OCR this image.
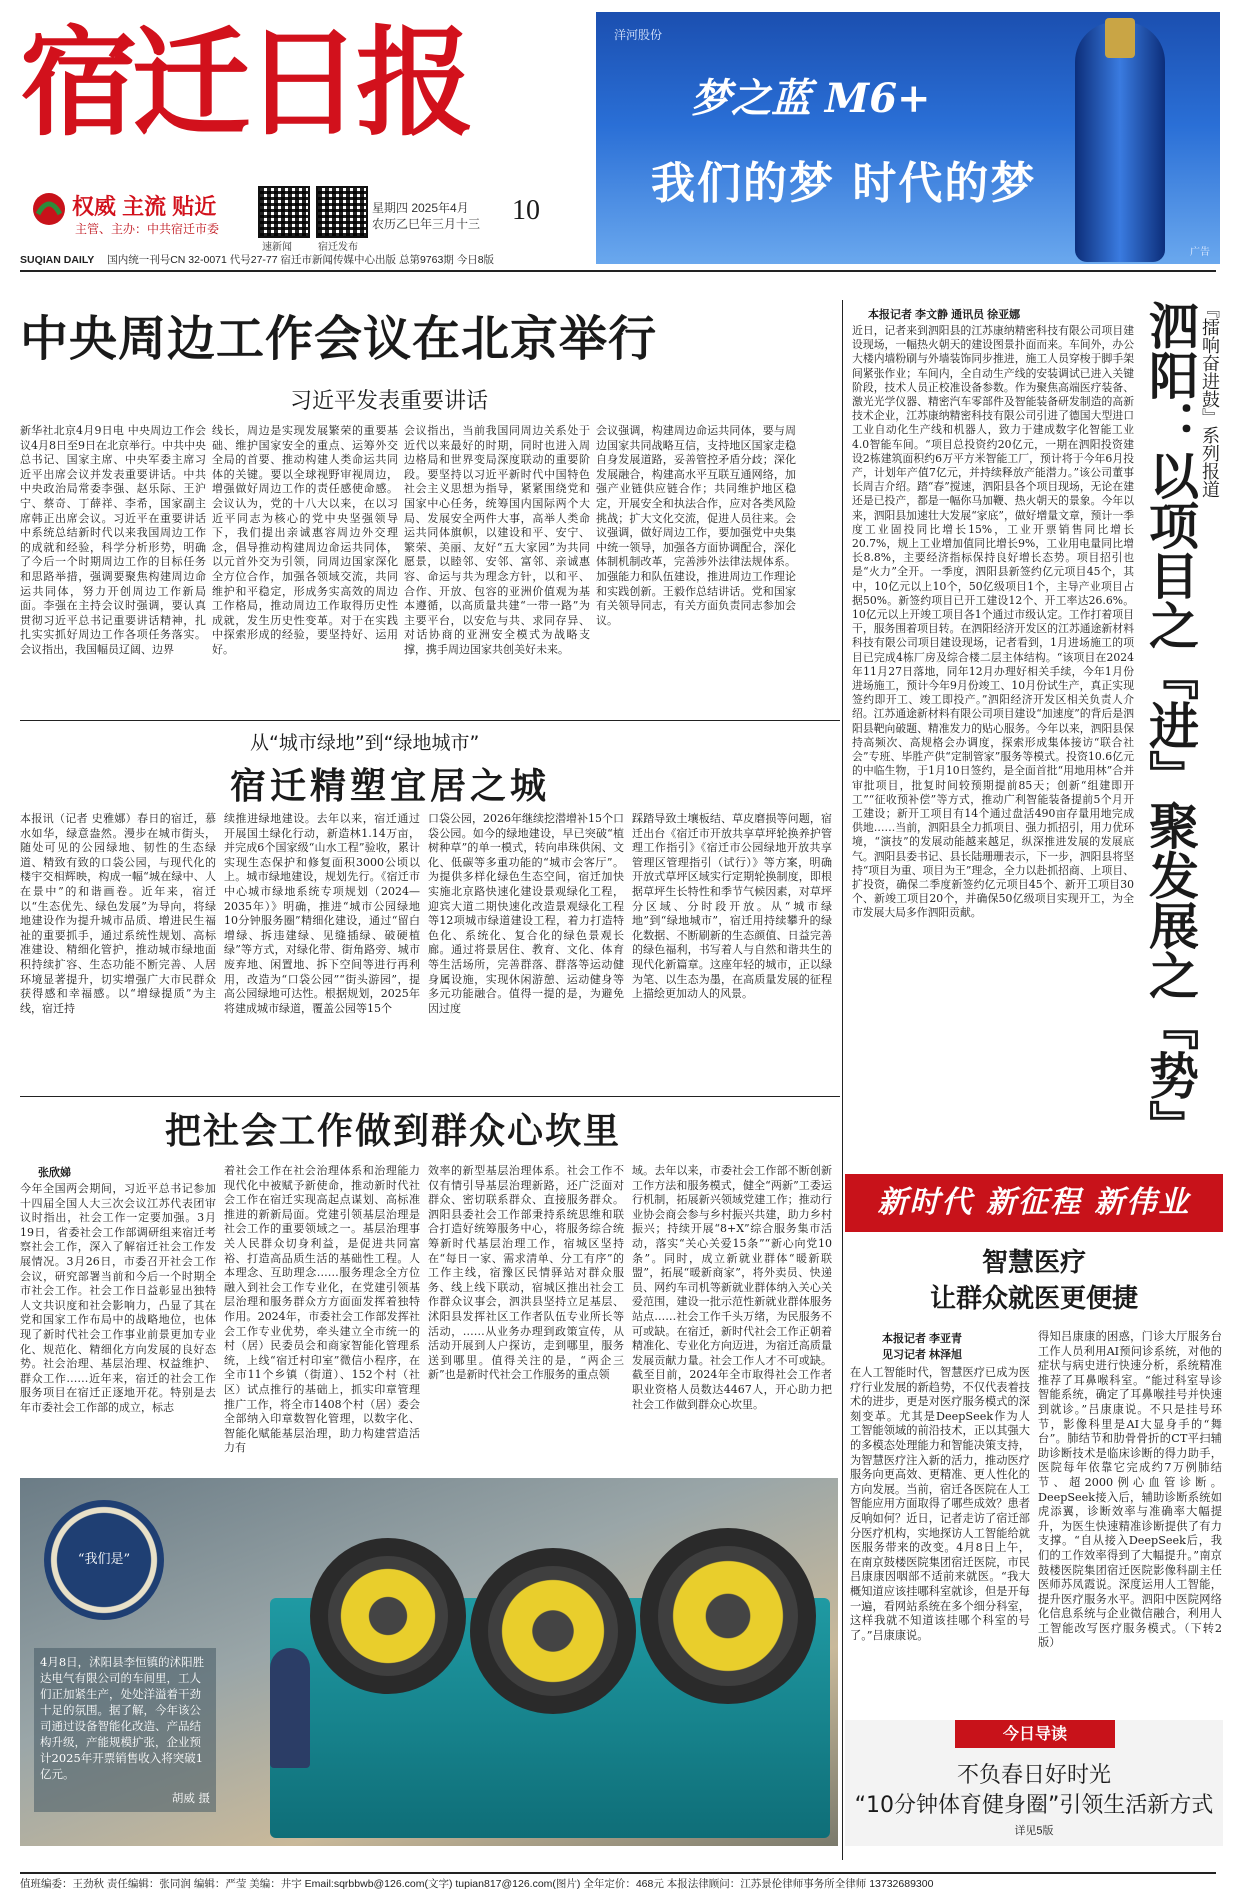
宿迁日报
权威 主流 贴近
主管、主办：中共宿迁市委
速新闻	宿迁发布
星期四 2025年4月
农历乙巳年三月十三 10
SUQIAN DAILY 国内统一刊号CN 32-0071 代号27-77 宿迁市新闻传媒中心出版 总第9763期 今日8版
洋河股份
梦之蓝 M6+
我们的梦 时代的梦
广告
中央周边工作会议在北京举行
习近平发表重要讲话
新华社北京4月9日电 中央周边工作会议4月8日至9日在北京举行。中共中央总书记、国家主席、中央军委主席习近平出席会议并发表重要讲话。中共中央政治局常委李强、赵乐际、王沪宁、蔡奇、丁薛祥、李希，国家副主席韩正出席会议。习近平在重要讲话中系统总结新时代以来我国周边工作的成就和经验，科学分析形势，明确了今后一个时期周边工作的目标任务和思路举措，强调要聚焦构建周边命运共同体，努力开创周边工作新局面。李强在主持会议时强调，要认真贯彻习近平总书记重要讲话精神，扎扎实实抓好周边工作各项任务落实。会议指出，我国幅员辽阔、边界
线长，周边是实现发展繁荣的重要基础、维护国家安全的重点、运筹外交全局的首要、推动构建人类命运共同体的关键。要以全球视野审视周边，增强做好周边工作的责任感使命感。会议认为，党的十八大以来，在以习近平同志为核心的党中央坚强领导下，我们提出亲诚惠容周边外交理念，倡导推动构建周边命运共同体，以元首外交为引领，同周边国家深化全方位合作，加强各领域交流，共同维护和平稳定，形成务实高效的周边工作格局，推动周边工作取得历史性成就，发生历史性变革。对于在实践中探索形成的经验，要坚持好、运用好。
会议指出，当前我国同周边关系处于近代以来最好的时期，同时也进入周边格局和世界变局深度联动的重要阶段。要坚持以习近平新时代中国特色社会主义思想为指导，紧紧围绕党和国家中心任务，统筹国内国际两个大局、发展安全两件大事，高举人类命运共同体旗帜，以建设和平、安宁、繁荣、美丽、友好“五大家园”为共同愿景，以睦邻、安邻、富邻、亲诚惠容、命运与共为理念方针，以和平、合作、开放、包容的亚洲价值观为基本遵循，以高质量共建“一带一路”为主要平台，以安危与共、求同存异、对话协商的亚洲安全模式为战略支撑，携手周边国家共创美好未来。
会议强调，构建周边命运共同体，要与周边国家共同战略互信，支持地区国家走稳自身发展道路，妥善管控矛盾分歧；深化发展融合，构建高水平互联互通网络，加强产业链供应链合作；共同维护地区稳定，开展安全和执法合作，应对各类风险挑战；扩大文化交流，促进人员往来。会议强调，做好周边工作，要加强党中央集中统一领导，加强各方面协调配合，深化体制机制改革，完善涉外法律法规体系。加强能力和队伍建设，推进周边工作理论和实践创新。王毅作总结讲话。党和国家有关领导同志，有关方面负责同志参加会议。
从“城市绿地”到“绿地城市”
宿迁精塑宜居之城
本报讯（记者 史雅娜）春日的宿迁，慕水如华，绿意盎然。漫步在城市街头，随处可见的公园绿地、韧性的生态绿道、精致有致的口袋公园，与现代化的楼宇交相辉映，构成一幅“城在绿中、人在景中”的和谐画卷。近年来，宿迁以“生态优先、绿色发展”为导向，将绿地建设作为提升城市品质、增进民生福祉的重要抓手，通过系统性规划、高标准建设、精细化管护，推动城市绿地面积持续扩容、生态功能不断完善、人居环境显著提升，切实增强广大市民群众获得感和幸福感。以“增绿提质”为主线，宿迁持
续推进绿地建设。去年以来，宿迁通过开展国土绿化行动，新造林1.14万亩，并完成6个国家级“山水工程”验收，累计实现生态保护和修复面积3000公顷以上。城市绿地建设，规划先行。《宿迁市中心城市绿地系统专项规划（2024—2035年）》明确，推进“城市公园绿地10分钟服务圈”精细化建设，通过“留白增绿、拆违建绿、见缝插绿、破硬植绿”等方式，对绿化带、街角路旁、城市废弃地、闲置地、拆下空间等进行再利用，改造为“口袋公园”“街头游园”，提高公园绿地可达性。根据规划，2025年将建成城市绿道，覆盖公园等15个
口袋公园，2026年继续挖潜增补15个口袋公园。如今的绿地建设，早已突破“植树种草”的单一模式，转向串珠供闲、文化、低碳等多重功能的“城市会客厅”。为提供多样化绿色生态空间，宿迁加快实施北京路快速化建设景观绿化工程，迎宾大道二期快速化改造景观绿化工程等12项城市绿道建设工程，着力打造特色化、系统化、复合化的绿色景观长廊。通过将景居住、教育、文化、体育等生活场所，完善群落、群落等运动健身属设施，实现休闲游憩、运动健身等多元功能融合。值得一提的是，为避免因过度
踩踏导致土壤板结、草皮磨损等问题，宿迁出台《宿迁市开放共享草坪轮换养护管理工作指引》《宿迁市公园绿地开放共享管理区管理指引（试行）》等方案，明确开放式草坪区域实行定期轮换制度，即根据草坪生长特性和季节气候因素，对草坪分区域、分时段开放。从“城市绿地”到“绿地城市”，宿迁用持续攀升的绿化数据、不断刷新的生态颜值、日益完善的绿色福利，书写着人与自然和谐共生的现代化新篇章。这座年轻的城市，正以绿为笔、以生态为墨，在高质量发展的征程上描绘更加动人的风景。
把社会工作做到群众心坎里
张欣娣
今年全国两会期间，习近平总书记参加十四届全国人大三次会议江苏代表团审议时指出，社会工作一定要加强。3月19日，省委社会工作部调研组来宿迁考察社会工作，深入了解宿迁社会工作发展情况。3月26日，市委召开社会工作会议，研究部署当前和今后一个时期全市社会工作。社会工作日益彰显出独特人文共识度和社会影响力，凸显了其在党和国家工作布局中的战略地位，也体现了新时代社会工作事业前景更加专业化、规范化、精细化方向发展的良好态势。社会治理、基层治理、权益维护、群众工作……近年来，宿迁的社会工作服务项目在宿迁正逐地开花。特别是去年市委社会工作部的成立，标志
着社会工作在社会治理体系和治理能力现代化中被赋予新使命，推动新时代社会工作在宿迁实现高起点谋划、高标准推进的新新局面。党建引领基层治理是社会工作的重要领域之一。基层治理事关人民群众切身利益，是促进共同富裕、打造高品质生活的基础性工程。人本理念、互助理念……服务理念全方位融入到社会工作专业化，在党建引领基层治理和服务群众方方面面发挥着独特作用。2024年，市委社会工作部发挥社会工作专业优势，牵头建立全市统一的村（居）民委员会和商家智能化管理系统，上线“宿迁村印室”微信小程序，在全市11个乡镇（街道）、152个村（社区）试点推行的基础上，抓实印章管理推广工作，将全市1408个村（居）委会全部纳入印章数智化管理，以数字化、智能化赋能基层治理，助力构建营造活力有
效率的新型基层治理体系。社会工作不仅有情引导基层治理新路，还广泛面对群众、密切联系群众、直接服务群众。泗阳县委社会工作部秉持系统思维和联合打造好统筹服务中心，将服务综合统筹新时代基层治理工作，宿城区坚持在“每日一家、需求清单、分工有序”的工作主线，宿豫区民情驿站对群众服务、线上线下联动，宿城区推出社会工作群众议事会，泗洪县坚持立足基层、沭阳县发挥社区工作者队伍专业所长等活动，……从业务办理到政策宣传，从活动开展到人户探访，走到哪里，服务送到哪里。值得关注的是，“两企三新”也是新时代社会工作服务的重点领
域。去年以来，市委社会工作部不断创新工作方法和服务模式，健全“两新”工委运行机制，拓展新兴领域党建工作；推动行业协会商会参与乡村振兴共建，助力乡村振兴；持续开展“8+X”综合服务集市活动，落实“关心关爱15条”“新心向党10条”。同时，成立新就业群体“暖新联盟”，拓展“暖新商家”，将外卖员、快递员、网约车司机等新就业群体纳入关心关爱范围，建设一批示范性新就业群体服务站点……社会工作千头万绪，为民服务不可或缺。在宿迁，新时代社会工作正朝着精准化、专业化方向迈进，为宿迁高质量发展贡献力量。社会工作人才不可或缺。截至目前，2024年全市取得社会工作者职业资格人员数达4467人，开心助力把社会工作做到群众心坎里。
『擂响奋进鼓』系列报道
泗阳：以项目之『进』聚发展之『势』
本报记者 李文静 通讯员 徐亚娜
近日，记者来到泗阳县的江苏康纳精密科技有限公司项目建设现场，一幅热火朝天的建设图景扑面而来。车间外，办公大楼内墙粉刷与外墙装饰同步推进，施工人员穿梭于脚手架间紧张作业；车间内，全自动生产线的安装调试已进入关键阶段，技术人员正校准设备参数。作为聚焦高端医疗装备、激光光学仪器、精密汽车零部件及智能装备研发制造的高新技术企业，江苏康纳精密科技有限公司引进了德国大型进口工业自动化生产线和机器人，致力于建成数字化智能工业4.0智能车间。“项目总投资约20亿元，一期在泗阳投资建设2栋建筑面积约6万平方米智能工厂，预计将于今年6月投产，计划年产值7亿元，并持续释放产能潜力。”该公司董事长周吉介绍。踏“春”搅速，泗阳县各个项目现场，无论在建还是已投产，都是一幅你马加鞭、热火朝天的景象。今年以来，泗阳县加速壮大发展“家底”，做好增量文章，预计一季度工业固投同比增长15%，工业开票销售同比增长20.7%，规上工业增加值同比增长9%，工业用电量同比增长8.8%，主要经济指标保持良好增长态势。项目招引也是“火力”全开。一季度，泗阳县新签约亿元项目45个，其中，10亿元以上10个，50亿级项目1个，主导产业项目占据50%。新签约项目已开工建设12个、开工率达26.6%。10亿元以上开竣工项目各1个通过市级认定。工作打着项目干，服务围着项目转。在泗阳经济开发区的江苏通途新材料科技有限公司项目建设现场，记者看到，1月进场施工的项目已完成4栋厂房及综合楼二层主体结构。“该项目在2024年11月27日落地，同年12月办理好相关手续，今年1月份进场施工，预计今年9月份竣工、10月份试生产，真正实现签约即开工、竣工即投产。”泗阳经济开发区相关负责人介绍。江苏通途新材料有限公司项目建设“加速度”的背后是泗阳县靶向破题、精准发力的贴心服务。今年以来，泗阳县保持高频次、高规格会办调度，探索形成集体接访“联合社会”专班、毕胜产供“定制管家”服务等模式。投资10.6亿元的中临生物，于1月10日签约，是全面首批“用地用林”合并审批项目，批复时间较预期提前85天；创新“组建即开工”“征收预补偿”等方式，推动广利智能装备提前5个月开工建设；新开工项目有14个通过盘活490亩存量用地完成供地……当前，泗阳县全力抓项目、强力抓招引，用力优环境，“演技”的发展动能越来越足，纵深推进发展的发展底气。泗阳县委书记、县长陆珊珊表示，下一步，泗阳县将坚持“项目为重、项目为王”理念，全力以赴抓招商、上项目、扩投资，确保二季度新签约亿元项目45个、新开工项目30个、新竣工项目20个，并确保50亿级项目实现开工，为全市发展大局多作泗阳贡献。
新时代 新征程 新伟业
智慧医疗
让群众就医更便捷
本报记者 李亚青
见习记者 林泽旭
在人工智能时代，智慧医疗已成为医疗行业发展的新趋势，不仅代表着技术的进步，更是对医疗服务模式的深刻变革。尤其是DeepSeek作为人工智能领域的前沿技术，正以其强大的多模态处理能力和智能决策支持，为智慧医疗注入新的活力，推动医疗服务向更高效、更精准、更人性化的方向发展。当前，宿迁各医院在人工智能应用方面取得了哪些成效？患者反响如何？近日，记者走访了宿迁部分医疗机构，实地探访人工智能给就医服务带来的改变。4月8日上午，在南京鼓楼医院集团宿迁医院，市民吕康康因咽部不适前来就医。“我大概知道应该挂哪科室就诊，但是开每一遍，看网站系统在多个细分科室，这样我就不知道该挂哪个科室的号了。”吕康康说。
得知吕康康的困惑，门诊大厅服务台工作人员利用AI预问诊系统，对他的症状与病史进行快速分析，系统精准推荐了耳鼻喉科室。“能过科室导诊智能系统，确定了耳鼻喉挂号并快速到就诊。”吕康康说。不只是挂号环节，影像科里是AI大显身手的“舞台”。肺结节和肋骨骨折的CT平扫辅助诊断技术是临床诊断的得力助手，医院每年依靠它完成约7万例肺结节、超2000例心血管诊断。DeepSeek接入后，辅助诊断系统如虎添翼，诊断效率与准确率大幅提升，为医生快速精准诊断提供了有力支撑。“自从接入DeepSeek后，我们的工作效率得到了大幅提升。”南京鼓楼医院集团宿迁医院影像科副主任医师苏凤霞说。深度运用人工智能，提升医疗服务水平。泗阳中医院网络化信息系统与企业微信融合，利用人工智能改写医疗服务模式。（下转2版）
“我们是”
4月8日，沭阳县李恒镇的沭阳胜达电气有限公司的车间里，工人们正加紧生产，处处洋溢着干劲十足的氛围。据了解，今年该公司通过设备智能化改造、产品结构升级，产能规模扩张，企业预计2025年开票销售收入将突破1亿元。
胡威 摄
今日导读
不负春日好时光
“10分钟体育健身圈”引领生活新方式
详见5版
值班编委：王劲秋 责任编辑：张同润 编辑：严莹 美编：井宇 Email:sqrbbwb@126.com(文字) tupian817@126.com(图片) 全年定价：468元 本报法律顾问：江苏景伦律师事务所全律师 13732689300
